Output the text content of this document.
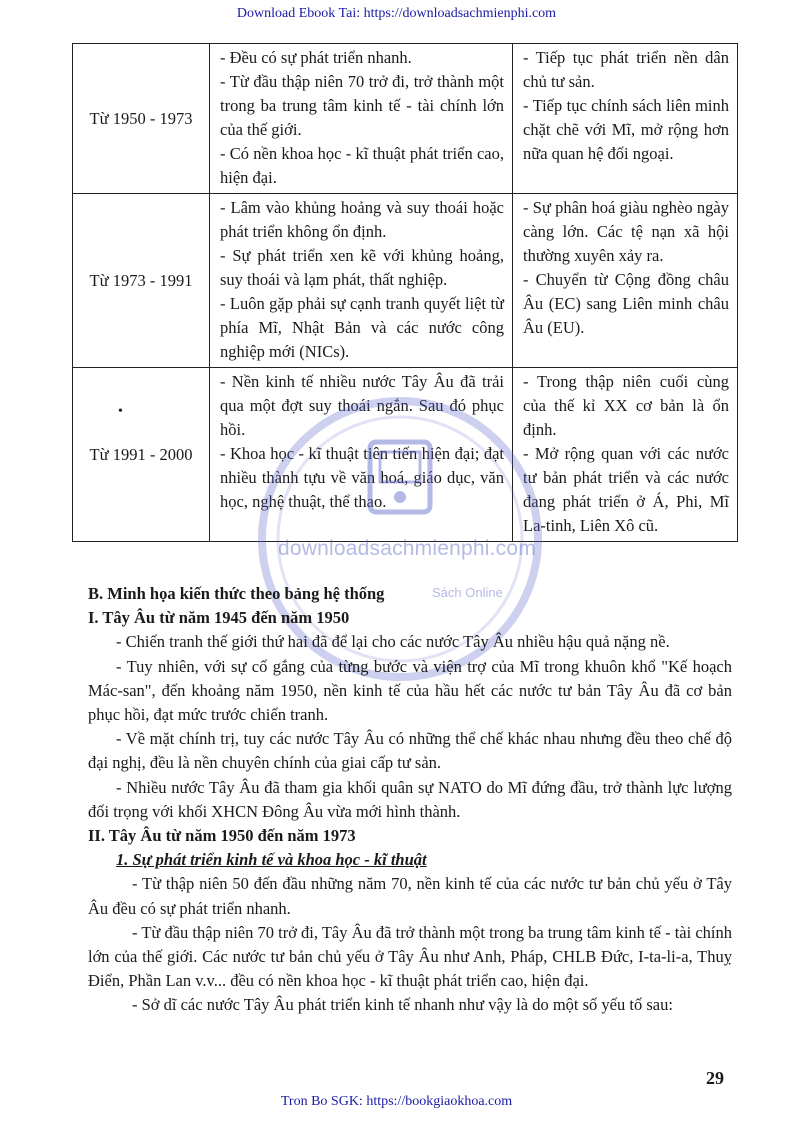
Download Ebook Tai: https://downloadsachmienphi.com
Từ 1950 - 1973	- Đều có sự phát triển nhanh.
- Từ đầu thập niên 70 trở đi, trở thành một trong ba trung tâm kinh tế - tài chính lớn của thế giới.
- Có nền khoa học - kĩ thuật phát triển cao, hiện đại.	- Tiếp tục phát triển nền dân chủ tư sản.
- Tiếp tục chính sách liên minh chặt chẽ với Mĩ, mở rộng hơn nữa quan hệ đối ngoại.

Từ 1973 - 1991	- Lâm vào khủng hoảng và suy thoái hoặc phát triển không ổn định.
- Sự phát triển xen kẽ với khủng hoảng, suy thoái và lạm phát, thất nghiệp.
- Luôn gặp phải sự cạnh tranh quyết liệt từ phía Mĩ, Nhật Bản và các nước công nghiệp mới (NICs).	- Sự phân hoá giàu nghèo ngày càng lớn. Các tệ nạn xã hội thường xuyên xảy ra.
- Chuyển từ Cộng đồng châu Âu (EC) sang Liên minh châu Âu (EU).

Từ 1991 - 2000	- Nền kinh tế nhiều nước Tây Âu đã trải qua một đợt suy thoái ngắn. Sau đó phục hồi.
- Khoa học - kĩ thuật tiên tiến hiện đại; đạt nhiều thành tựu về văn hoá, giáo dục, văn học, nghệ thuật, thể thao.	- Trong thập niên cuối cùng của thế kỉ XX cơ bản là ổn định.
- Mở rộng quan với các nước tư bản phát triển và các nước đang phát triển ở Á, Phi, Mĩ La-tinh, Liên Xô cũ.
•
downloadsachmienphi.com
Sách Online

B. Minh họa kiến thức theo bảng hệ thống

I. Tây Âu từ năm 1945 đến năm 1950

- Chiến tranh thế giới thứ hai đã để lại cho các nước Tây Âu nhiều hậu quả nặng nề.

- Tuy nhiên, với sự cố gắng của từng bước và viện trợ của Mĩ trong khuôn khổ "Kế hoạch Mác-san", đến khoảng năm 1950, nền kinh tế của hầu hết các nước tư bản Tây Âu đã cơ bản phục hồi, đạt mức trước chiến tranh.

- Về mặt chính trị, tuy các nước Tây Âu có những thể chế khác nhau nhưng đều theo chế độ đại nghị, đều là nền chuyên chính của giai cấp tư sản.

- Nhiều nước Tây Âu đã tham gia khối quân sự NATO do Mĩ đứng đầu, trở thành lực lượng đối trọng với khối XHCN Đông Âu vừa mới hình thành.

II. Tây Âu từ năm 1950 đến năm 1973

1. Sự phát triển kinh tế và khoa học - kĩ thuật

- Từ thập niên 50 đến đầu những năm 70, nền kinh tế của các nước tư bản chủ yếu ở Tây Âu đều có sự phát triển nhanh.

- Từ đầu thập niên 70 trở đi, Tây Âu đã trở thành một trong ba trung tâm kinh tế - tài chính lớn của thế giới. Các nước tư bản chủ yếu ở Tây Âu như Anh, Pháp, CHLB Đức, I-ta-li-a, Thuỵ Điển, Phần Lan v.v... đều có nền khoa học - kĩ thuật phát triển cao, hiện đại.

- Sở dĩ các nước Tây Âu phát triển kinh tế nhanh như vậy là do một số yếu tố sau:

29
Tron Bo SGK: https://bookgiaokhoa.com
